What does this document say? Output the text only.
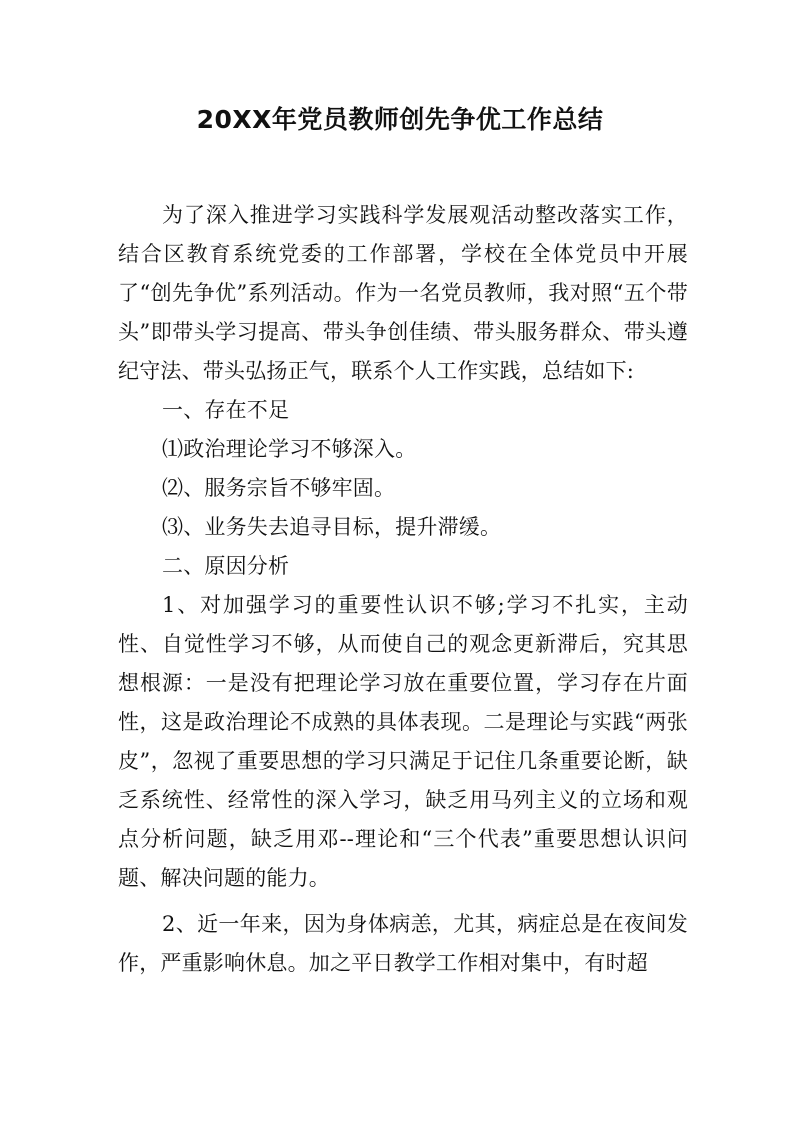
20XX年党员教师创先争优工作总结

为了深入推进学习实践科学发展观活动整改落实工作，结合区教育系统党委的工作部署，学校在全体党员中开展了“创先争优”系列活动。作为一名党员教师，我对照“五个带头”即带头学习提高、带头争创佳绩、带头服务群众、带头遵纪守法、带头弘扬正气，联系个人工作实践，总结如下:

一、存在不足

⑴政治理论学习不够深入。

⑵、服务宗旨不够牢固。

⑶、业务失去追寻目标，提升滞缓。

二、原因分析

1、对加强学习的重要性认识不够;学习不扎实，主动性、自觉性学习不够，从而使自己的观念更新滞后，究其思想根源：一是没有把理论学习放在重要位置，学习存在片面性，这是政治理论不成熟的具体表现。二是理论与实践“两张皮”，忽视了重要思想的学习只满足于记住几条重要论断，缺乏系统性、经常性的深入学习，缺乏用马列主义的立场和观点分析问题，缺乏用邓--理论和“三个代表”重要思想认识问题、解决问题的能力。

2、近一年来，因为身体病恙，尤其，病症总是在夜间发作，严重影响休息。加之平日教学工作相对集中，有时超
